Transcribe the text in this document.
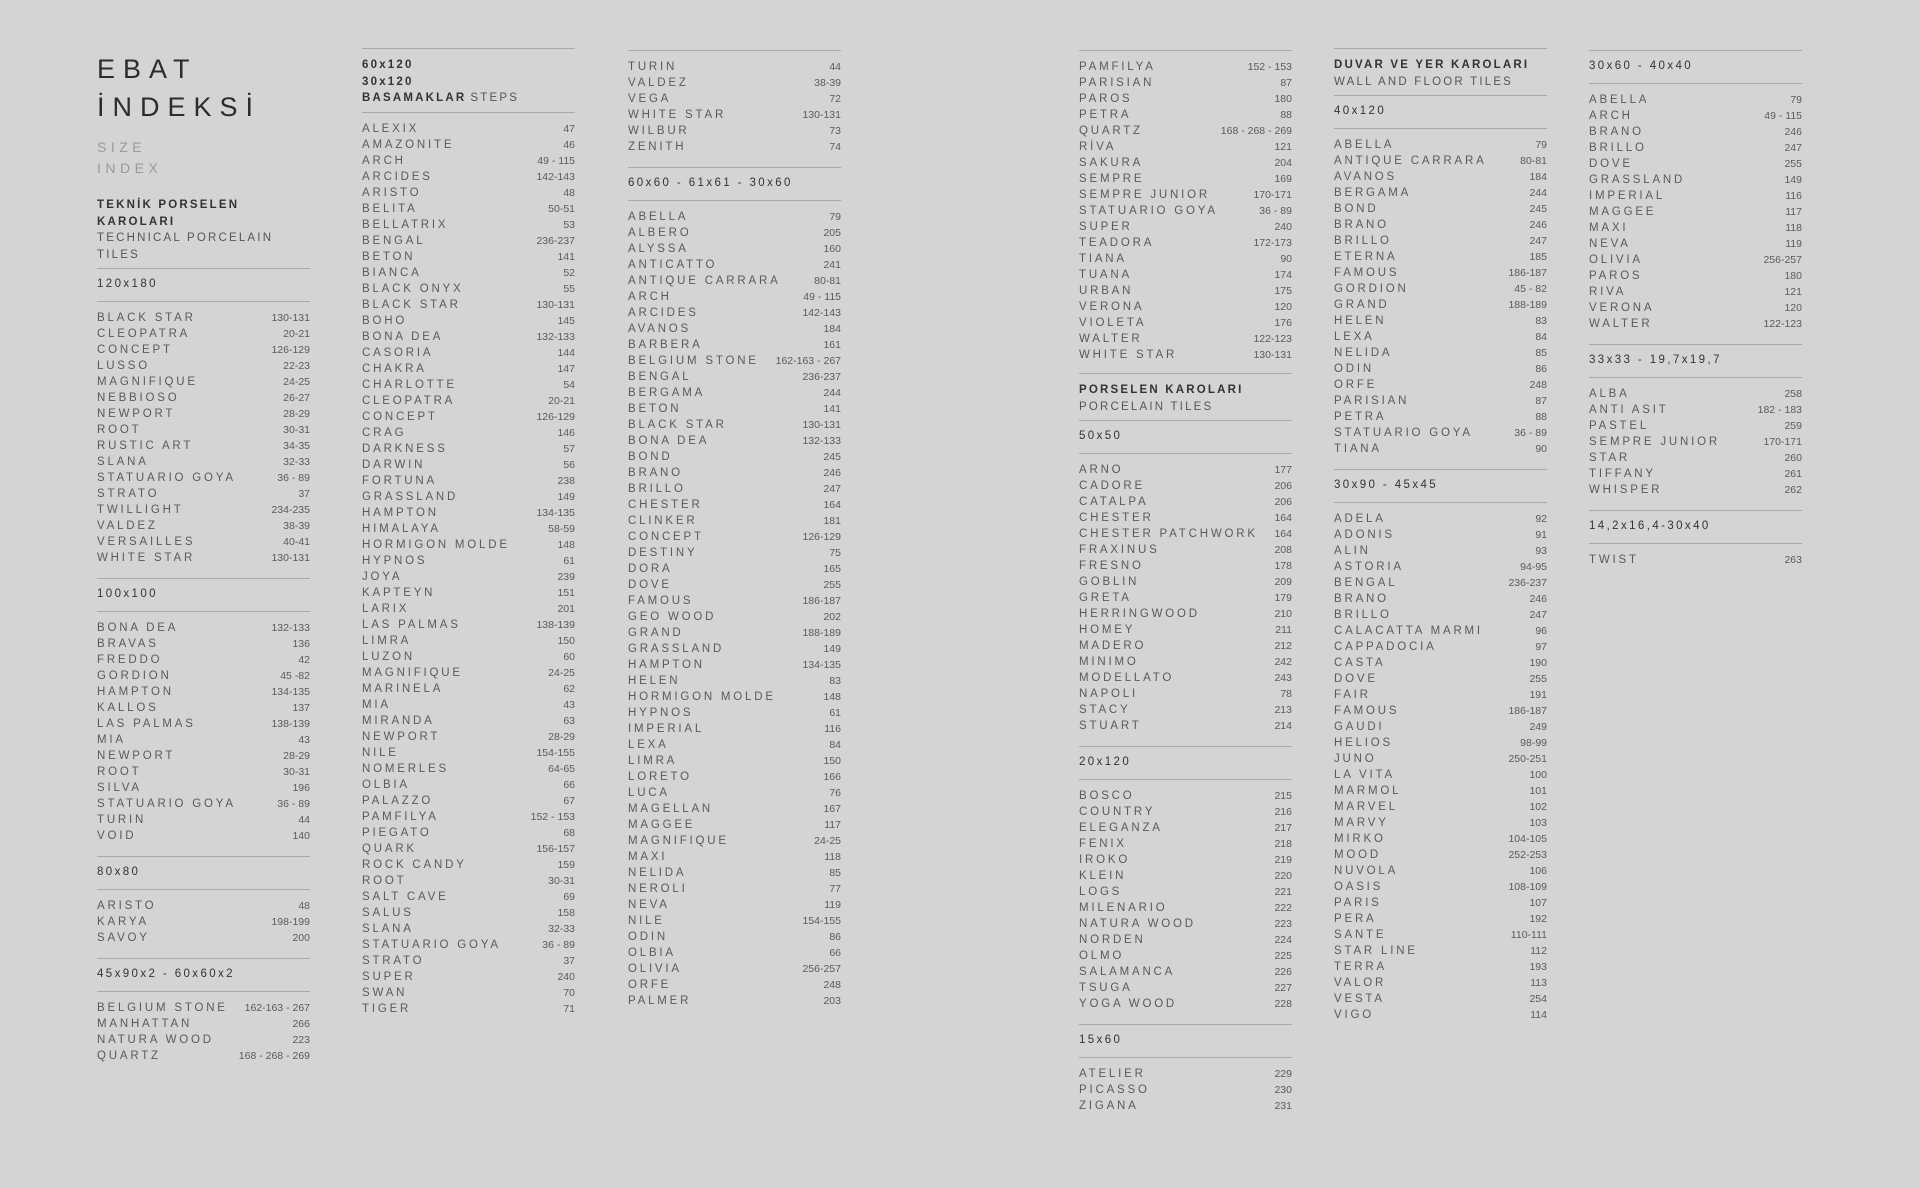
EBAT
İNDEKSİ
SIZE
INDEX
TEKNİK PORSELEN
KAROLARI
TECHNICAL PORCELAIN TILES
120x180
BLACK STAR	130-131
CLEOPATRA	20-21
CONCEPT	126-129
LUSSO	22-23
MAGNIFIQUE	24-25
NEBBIOSO	26-27
NEWPORT	28-29
ROOT	30-31
RUSTIC ART	34-35
SLANA	32-33
STATUARIO GOYA	36 - 89
STRATO	37
TWILLIGHT	234-235
VALDEZ	38-39
VERSAILLES	40-41
WHITE STAR	130-131
100x100
BONA DEA	132-133
BRAVAS	136
FREDDO	42
GORDION	45 -82
HAMPTON	134-135
KALLOS	137
LAS PALMAS	138-139
MIA	43
NEWPORT	28-29
ROOT	30-31
SILVA	196
STATUARIO GOYA	36 - 89
TURIN	44
VOID	140
80x80
ARISTO	48
KARYA	198-199
SAVOY	200
45x90x2 - 60x60x2
BELGIUM STONE 162-163 - 267
MANHATTAN	266
NATURA WOOD	223
QUARTZ	168 - 268 - 269
60x120
30x120 BASAMAKLAR STEPS
ALEXIX	47
AMAZONITE	46
ARCH	49 - 115
ARCIDES	142-143
ARISTO	48
BELITA	50-51
BELLATRIX	53
BENGAL	236-237
BETON	141
BIANCA	52
BLACK ONYX	55
BLACK STAR	130-131
BOHO	145
BONA DEA	132-133
CASORIA	144
CHAKRA	147
CHARLOTTE	54
CLEOPATRA	20-21
CONCEPT	126-129
CRAG	146
DARKNESS	57
DARWIN	56
FORTUNA	238
GRASSLAND	149
HAMPTON	134-135
HIMALAYA	58-59
HORMIGON MOLDE	148
HYPNOS	61
JOYA	239
KAPTEYN	151
LARIX	201
LAS PALMAS	138-139
LIMRA	150
LUZON	60
MAGNIFIQUE	24-25
MARINELA	62
MIA	43
MIRANDA	63
NEWPORT	28-29
NILE	154-155
NOMERLES	64-65
OLBIA	66
PALAZZO	67
PAMFILYA	152 - 153
PIEGATO	68
QUARK	156-157
ROCK CANDY	159
ROOT	30-31
SALT CAVE	69
SALUS	158
SLANA	32-33
STATUARIO GOYA	36 - 89
STRATO	37
SUPER	240
SWAN	70
TIGER	71
TURIN	44
VALDEZ	38-39
VEGA	72
WHITE STAR	130-131
WILBUR	73
ZENITH	74
60x60 - 61x61 - 30x60
ABELLA	79
ALBERO	205
ALYSSA	160
ANTICATTO	241
ANTIQUE CARRARA	80-81
ARCH	49 - 115
ARCIDES	142-143
AVANOS	184
BARBERA	161
BELGIUM STONE 162-163 - 267
BENGAL	236-237
BERGAMA	244
BETON	141
BLACK STAR	130-131
BONA DEA	132-133
BOND	245
BRANO	246
BRILLO	247
CHESTER	164
CLINKER	181
CONCEPT	126-129
DESTINY	75
DORA	165
DOVE	255
FAMOUS	186-187
GEO WOOD	202
GRAND	188-189
GRASSLAND	149
HAMPTON	134-135
HELEN	83
HORMIGON MOLDE	148
HYPNOS	61
IMPERIAL	116
LEXA	84
LIMRA	150
LORETO	166
LUCA	76
MAGELLAN	167
MAGGEE	117
MAGNIFIQUE	24-25
MAXI	118
NELIDA	85
NEROLI	77
NEVA	119
NILE	154-155
ODIN	86
OLBIA	66
OLIVIA	256-257
ORFE	248
PALMER	203
PAMFILYA	152 - 153
PARISIAN	87
PAROS	180
PETRA	88
QUARTZ	168 - 268 - 269
RİVA	121
SAKURA	204
SEMPRE	169
SEMPRE JUNIOR	170-171
STATUARIO GOYA	36 - 89
SUPER	240
TEADORA	172-173
TIANA	90
TUANA	174
URBAN	175
VERONA	120
VIOLETA	176
WALTER	122-123
WHITE STAR	130-131
PORSELEN KAROLARI
PORCELAIN TILES
50x50
ARNO	177
CADORE	206
CATALPA	206
CHESTER	164
CHESTER PATCHWORK 164
FRAXINUS	208
FRESNO	178
GOBLIN	209
GRETA	179
HERRINGWOOD	210
HOMEY	211
MADERO	212
MINIMO	242
MODELLATO	243
NAPOLI	78
STACY	213
STUART	214
20x120
BOSCO	215
COUNTRY	216
ELEGANZA	217
FENIX	218
IROKO	219
KLEIN	220
LOGS	221
MILENARIO	222
NATURA WOOD	223
NORDEN	224
OLMO	225
SALAMANCA	226
TSUGA	227
YOGA WOOD	228
15x60
ATELIER	229
PICASSO	230
ZIGANA	231
DUVAR VE YER KAROLARI
WALL AND FLOOR TILES
40x120
ABELLA	79
ANTIQUE CARRARA	80-81
AVANOS	184
BERGAMA	244
BOND	245
BRANO	246
BRILLO	247
ETERNA	185
FAMOUS	186-187
GORDION	45 - 82
GRAND	188-189
HELEN	83
LEXA	84
NELIDA	85
ODIN	86
ORFE	248
PARISIAN	87
PETRA	88
STATUARIO GOYA	36 - 89
TIANA	90
30x90 - 45x45
ADELA	92
ADONIS	91
ALIN	93
ASTORIA	94-95
BENGAL	236-237
BRANO	246
BRILLO	247
CALACATTA MARMI	96
CAPPADOCIA	97
CASTA	190
DOVE	255
FAIR	191
FAMOUS	186-187
GAUDI	249
HELIOS	98-99
JUNO	250-251
LA VITA	100
MARMOL	101
MARVEL	102
MARVY	103
MIRKO	104-105
MOOD	252-253
NUVOLA	106
OASIS	108-109
PARIS	107
PERA	192
SANTE	110-111
STAR LINE	112
TERRA	193
VALOR	113
VESTA	254
VIGO	114
30x60 - 40x40
ABELLA	79
ARCH	49 - 115
BRANO	246
BRILLO	247
DOVE	255
GRASSLAND	149
IMPERIAL	116
MAGGEE	117
MAXI	118
NEVA	119
OLIVIA	256-257
PAROS	180
RIVA	121
VERONA	120
WALTER	122-123
33x33 - 19,7x19,7
ALBA	258
ANTI ASIT	182 - 183
PASTEL	259
SEMPRE JUNIOR	170-171
STAR	260
TIFFANY	261
WHISPER	262
14,2x16,4-30x40
TWIST	263
